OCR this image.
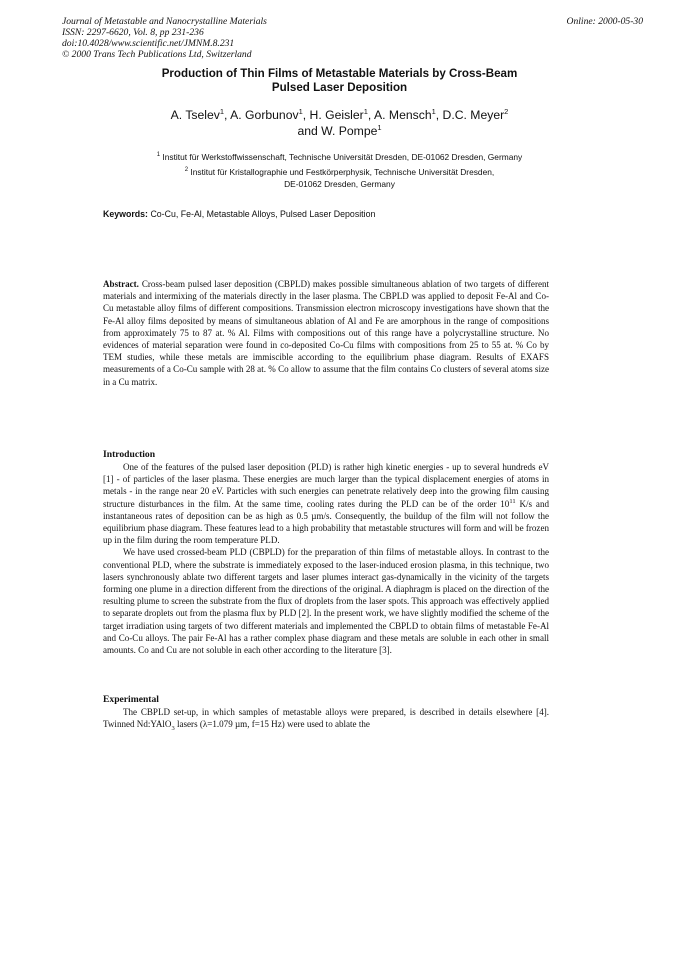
Journal of Metastable and Nanocrystalline Materials
ISSN: 2297-6620, Vol. 8, pp 231-236
doi:10.4028/www.scientific.net/JMNM.8.231
© 2000 Trans Tech Publications Ltd, Switzerland
Online: 2000-05-30
Production of Thin Films of Metastable Materials by Cross-Beam
Pulsed Laser Deposition
A. Tselev$^1$, A. Gorbunov$^1$, H. Geisler$^1$, A. Mensch$^1$, D.C. Meyer$^2$
and W. Pompe$^1$
$^1$ Institut für Werkstoffwissenschaft, Technische Universität Dresden, DE-01062 Dresden, Germany
$^2$ Institut für Kristallographie und Festkörperphysik, Technische Universität Dresden,
DE-01062 Dresden, Germany
Keywords: Co-Cu, Fe-Al, Metastable Alloys, Pulsed Laser Deposition

Abstract. Cross-beam pulsed laser deposition (CBPLD) makes possible simultaneous ablation of two targets of different materials and intermixing of the materials directly in the laser plasma. The CBPLD was applied to deposit Fe-Al and Co-Cu metastable alloy films of different compositions. Transmission electron microscopy investigations have shown that the Fe-Al alloy films deposited by means of simultaneous ablation of Al and Fe are amorphous in the range of compositions from approximately 75 to 87 at. % Al. Films with compositions out of this range have a polycrystalline structure. No evidences of material separation were found in co-deposited Co-Cu films with compositions from 25 to 55 at. % Co by TEM studies, while these metals are immiscible according to the equilibrium phase diagram. Results of EXAFS measurements of a Co-Cu sample with 28 at. % Co allow to assume that the film contains Co clusters of several atoms size in a Cu matrix.

Introduction

One of the features of the pulsed laser deposition (PLD) is rather high kinetic energies - up to several hundreds eV [1] - of particles of the laser plasma. These energies are much larger than the typical displacement energies of atoms in metals - in the range near 20 eV. Particles with such energies can penetrate relatively deep into the growing film causing structure disturbances in the film. At the same time, cooling rates during the PLD can be of the order $10^{11}$ K/s and instantaneous rates of deposition can be as high as 0.5 µm/s. Consequently, the buildup of the film will not follow the equilibrium phase diagram. These features lead to a high probability that metastable structures will form and will be frozen up in the film during the room temperature PLD.

We have used crossed-beam PLD (CBPLD) for the preparation of thin films of metastable alloys. In contrast to the conventional PLD, where the substrate is immediately exposed to the laser-induced erosion plasma, in this technique, two lasers synchronously ablate two different targets and laser plumes interact gas-dynamically in the vicinity of the targets forming one plume in a direction different from the directions of the original. A diaphragm is placed on the direction of the resulting plume to screen the substrate from the flux of droplets from the laser spots. This approach was effectively applied to separate droplets out from the plasma flux by PLD [2]. In the present work, we have slightly modified the scheme of the target irradiation using targets of two different materials and implemented the CBPLD to obtain films of metastable Fe-Al and Co-Cu alloys. The pair Fe-Al has a rather complex phase diagram and these metals are soluble in each other in small amounts. Co and Cu are not soluble in each other according to the literature [3].

Experimental

The CBPLD set-up, in which samples of metastable alloys were prepared, is described in details elsewhere [4]. Twinned Nd:YAlO$_3$ lasers (λ=1.079 µm, f=15 Hz) were used to ablate the
